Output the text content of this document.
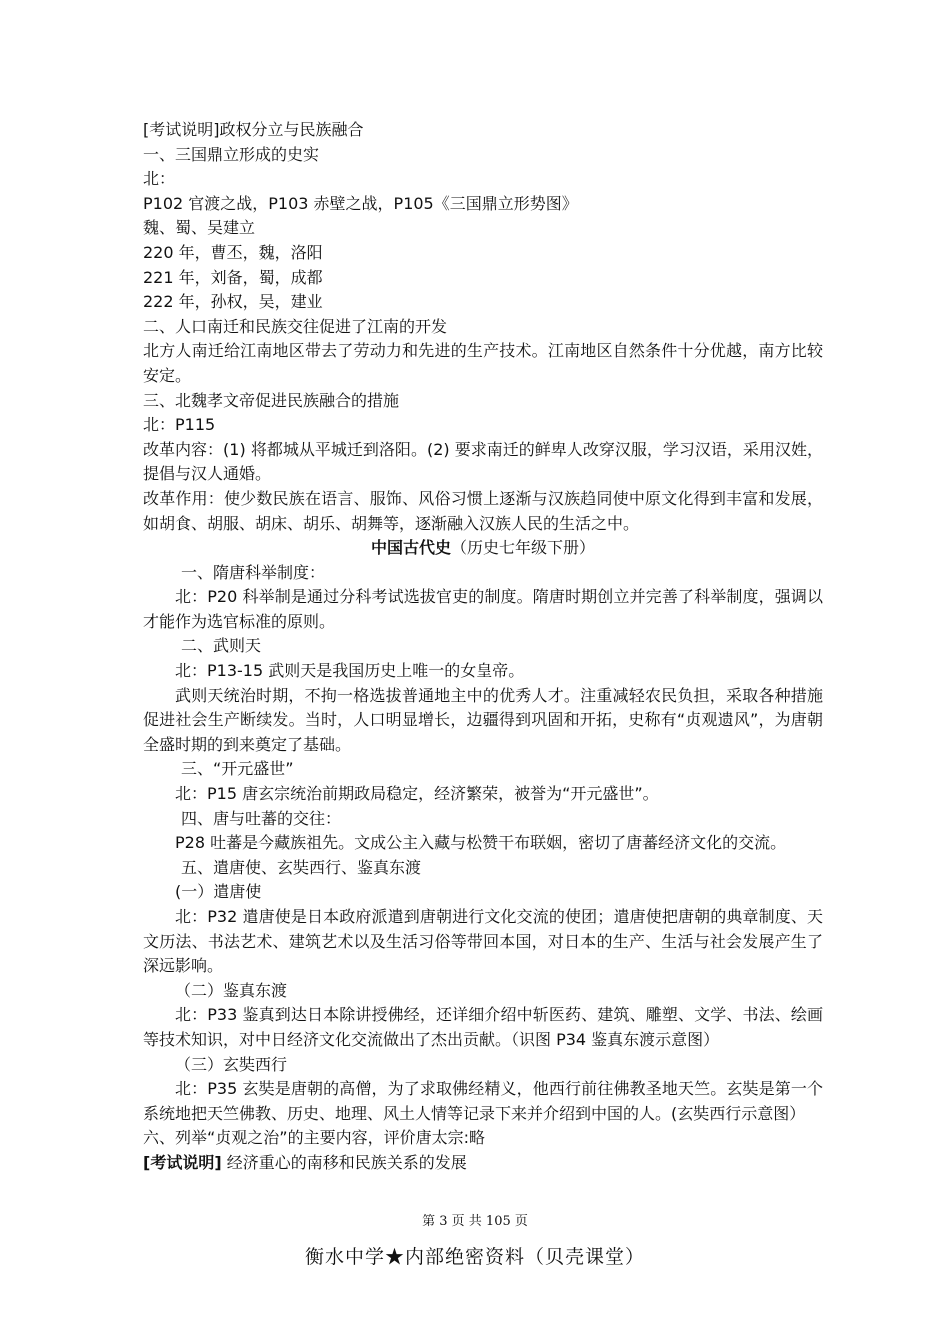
[考试说明]政权分立与民族融合

一、三国鼎立形成的史实

北：

P102 官渡之战，P103 赤壁之战，P105《三国鼎立形势图》

魏、蜀、吴建立

220 年，曹丕，魏，洛阳

221 年，刘备，蜀，成都

222 年，孙权，吴，建业

二、人口南迁和民族交往促进了江南的开发

北方人南迁给江南地区带去了劳动力和先进的生产技术。江南地区自然条件十分优越，南方比较安定。

三、北魏孝文帝促进民族融合的措施

北：P115

改革内容：(1) 将都城从平城迁到洛阳。(2) 要求南迁的鲜卑人改穿汉服，学习汉语，采用汉姓，提倡与汉人通婚。

改革作用：使少数民族在语言、服饰、风俗习惯上逐渐与汉族趋同使中原文化得到丰富和发展，如胡食、胡服、胡床、胡乐、胡舞等，逐渐融入汉族人民的生活之中。

中国古代史（历史七年级下册）

一、隋唐科举制度：

北：P20 科举制是通过分科考试选拔官吏的制度。隋唐时期创立并完善了科举制度，强调以才能作为选官标准的原则。

二、武则天

北：P13-15 武则天是我国历史上唯一的女皇帝。

武则天统治时期，不拘一格选拔普通地主中的优秀人才。注重减轻农民负担，采取各种措施促进社会生产断续发。当时，人口明显增长，边疆得到巩固和开拓，史称有“贞观遗风”，为唐朝全盛时期的到来奠定了基础。

三、“开元盛世”

北：P15 唐玄宗统治前期政局稳定，经济繁荣，被誉为“开元盛世”。

四、唐与吐蕃的交往：

P28 吐蕃是今藏族祖先。文成公主入藏与松赞干布联姻，密切了唐蕃经济文化的交流。

五、遣唐使、玄奘西行、鉴真东渡

(一）遣唐使

北：P32 遣唐使是日本政府派遣到唐朝进行文化交流的使团；遣唐使把唐朝的典章制度、天文历法、书法艺术、建筑艺术以及生活习俗等带回本国，对日本的生产、生活与社会发展产生了深远影响。

（二）鉴真东渡

北：P33 鉴真到达日本除讲授佛经，还详细介绍中斩医药、建筑、雕塑、文学、书法、绘画等技术知识，对中日经济文化交流做出了杰出贡献。（识图 P34 鉴真东渡示意图）

（三）玄奘西行

北：P35 玄奘是唐朝的高僧，为了求取佛经精义，他西行前往佛教圣地天竺。玄奘是第一个系统地把天竺佛教、历史、地理、风土人情等记录下来并介绍到中国的人。(玄奘西行示意图）

六、列举“贞观之治”的主要内容，评价唐太宗:略

[考试说明] 经济重心的南移和民族关系的发展

第 3 页 共 105 页
衡水中学★内部绝密资料（贝壳课堂）
